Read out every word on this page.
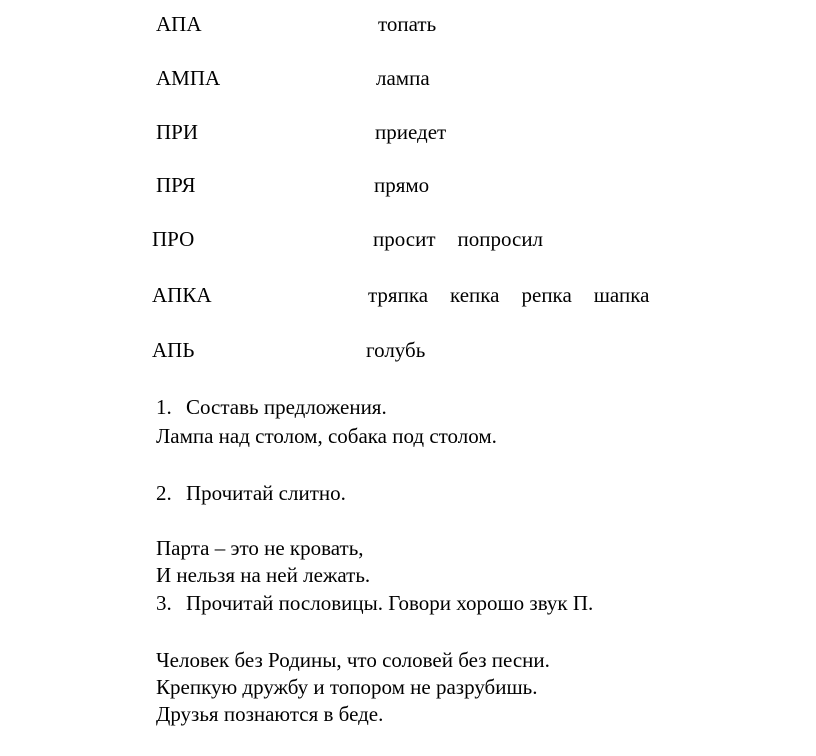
АПА	топать
АМПА	лампа
ПРИ	приедет
ПРЯ	прямо
ПРО	просит попросил
АПКА	тряпка кепка репка шапка
АПЬ	голубь
1. Составь предложения.
Лампа над столом, собака под столом.
2. Прочитай слитно.
Парта – это не кровать,
И нельзя на ней лежать.
3. Прочитай пословицы. Говори хорошо звук П.
Человек без Родины, что соловей без песни.
Крепкую дружбу и топором не разрубишь.
Друзья познаются в беде.
